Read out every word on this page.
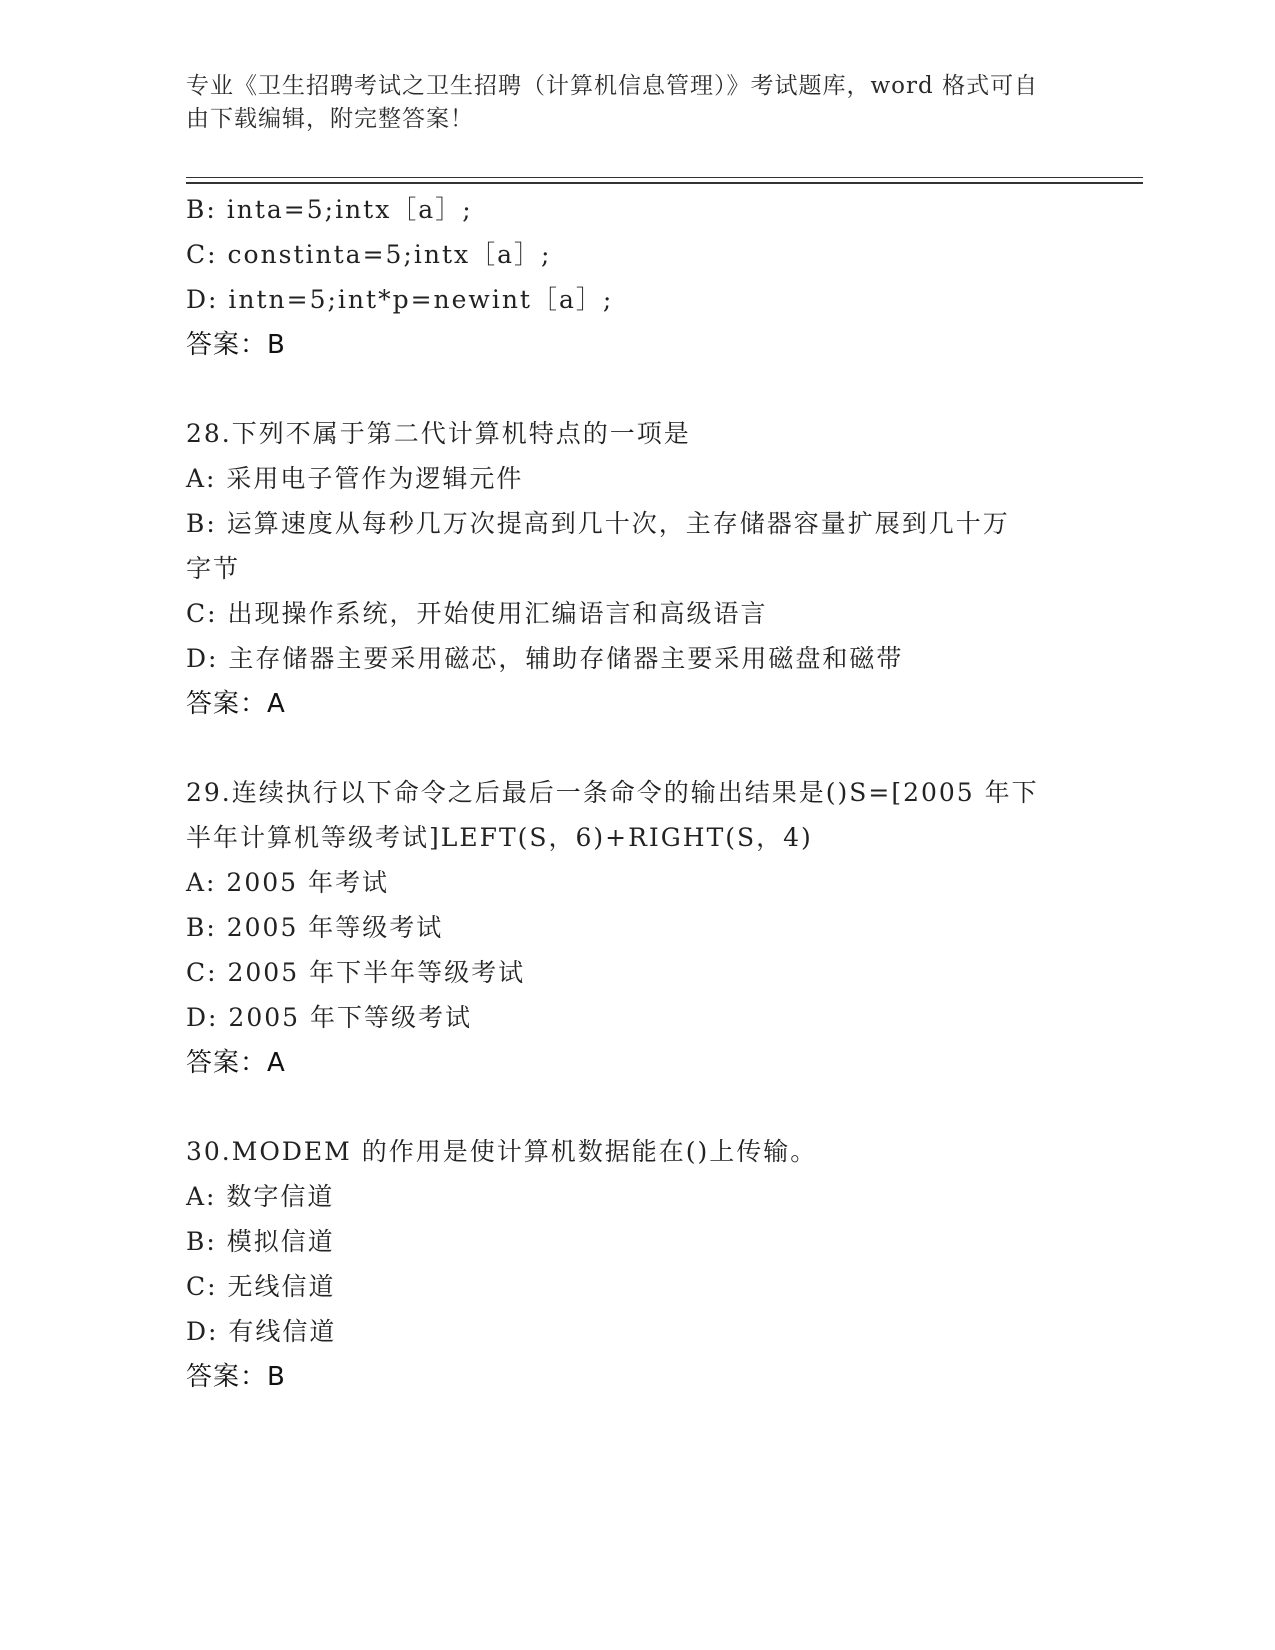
专业《卫生招聘考试之卫生招聘（计算机信息管理）》考试题库，word 格式可自
由下载编辑，附完整答案！
B: inta=5;intx［a］;
C: constinta=5;intx［a］;
D: intn=5;int*p=newint［a］;
答案：B
28.下列不属于第二代计算机特点的一项是
A: 采用电子管作为逻辑元件
B: 运算速度从每秒几万次提高到几十次，主存储器容量扩展到几十万
字节
C: 出现操作系统，开始使用汇编语言和高级语言
D: 主存储器主要采用磁芯，辅助存储器主要采用磁盘和磁带
答案：A
29.连续执行以下命令之后最后一条命令的输出结果是()S=[2005 年下
半年计算机等级考试]LEFT(S，6)+RIGHT(S，4)
A: 2005 年考试
B: 2005 年等级考试
C: 2005 年下半年等级考试
D: 2005 年下等级考试
答案：A
30.MODEM 的作用是使计算机数据能在()上传输。
A: 数字信道
B: 模拟信道
C: 无线信道
D: 有线信道
答案：B
